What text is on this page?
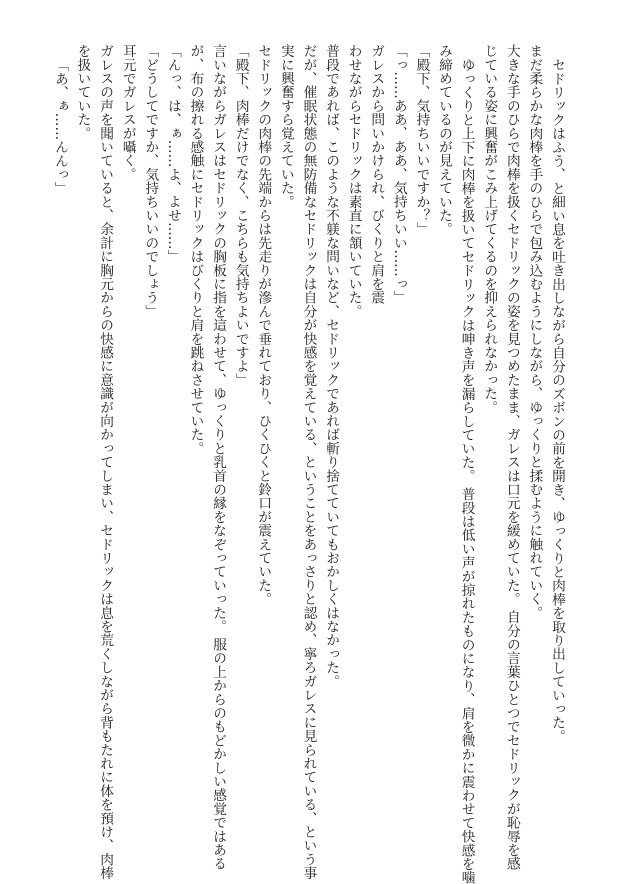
セドリックはふう、と細い息を吐き出しながら自分のズボンの前を開き、ゆっくりと肉棒を取り出していった。
まだ柔らかな肉棒を手のひらで包み込むようにしながら、ゆっくりと揉むように触れていく。
大きな手のひらで肉棒を扱くセドリックの姿を見つめたまま、ガレスは口元を緩めていた。 自分の言葉ひとつでセドリックが恥辱を感
じている姿に興奮がこみ上げてくるのを抑えられなかった。
ゆっくりと上下に肉棒を扱いてセドリックは呻き声を漏らしていた。 普段は低い声が掠れたものになり、肩を微かに震わせて快感を噛
み締めているのが見えていた。
「殿下、気持ちいいですか？」
「っ……ああ、ああ、気持ちいい……っ」
ガレスから問いかけられ、びくりと肩を震
わせながらセドリックは素直に頷いていた。
普段であれば、このような不躾な問いなど、セドリックであれば斬り捨てていてもおかしくはなかった。
だが、催眠状態の無防備なセドリックは自分が快感を覚えている、ということをあっさりと認め、寧ろガレスに見られている、という事
実に興奮すら覚えていた。
セドリックの肉棒の先端からは先走りが滲んで垂れており、ひくひくと鈴口が震えていた。
「殿下、肉棒だけでなく、こちらも気持ちよいですよ」
言いながらガレスはセドリックの胸板に指を這わせて、ゆっくりと乳首の縁をなぞっていった。 服の上からのもどかしい感覚ではある
が、布の擦れる感触にセドリックはびくりと肩を跳ねさせていた。
「んっ、は、ぁ……よ、よせ……」
「どうしてですか、気持ちいいのでしょう」
耳元でガレスが囁く。
ガレスの声を聞いていると、余計に胸元からの快感に意識が向かってしまい、セドリックは息を荒くしながら背もたれに体を預け、肉棒
を扱いていた。
「あ、ぁ……んんっ」
